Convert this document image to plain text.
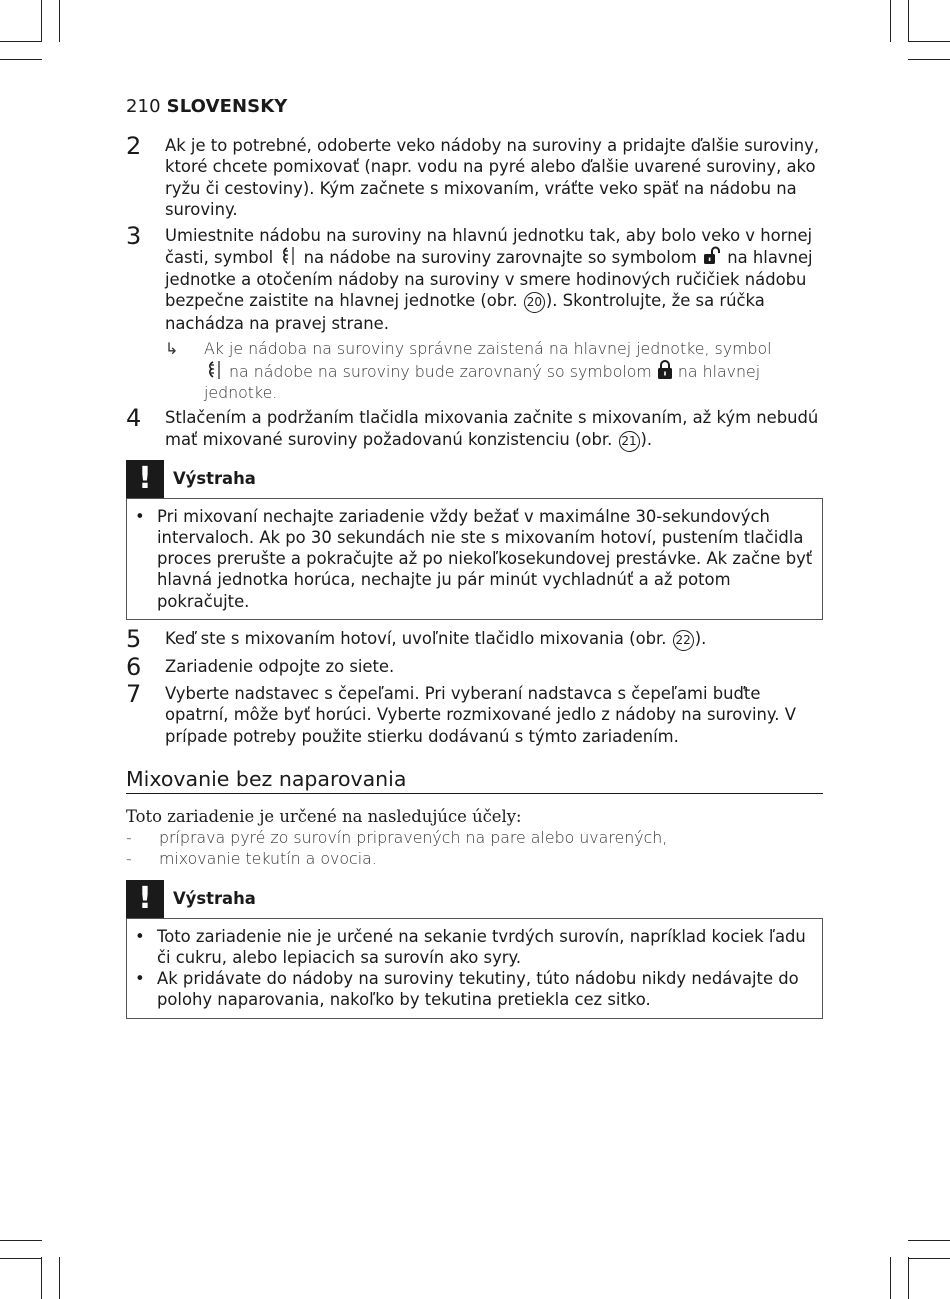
210 SLOVENSKY
2	Ak je to potrebné, odoberte veko nádoby na suroviny a pridajte ďalšie suroviny, ktoré chcete pomixovať (napr. vodu na pyré alebo ďalšie uvarené suroviny, ako ryžu či cestoviny). Kým začnete s mixovaním, vráťte veko späť na nádobu na suroviny.
3	Umiestnite nádobu na suroviny na hlavnú jednotku tak, aby bolo veko v hornej časti, symbol na nádobe na suroviny zarovnajte so symbolom na hlavnej jednotke a otočením nádoby na suroviny v smere hodinových ručičiek nádobu bezpečne zaistite na hlavnej jednotke (obr. 20 ). Skontrolujte, že sa rúčka nachádza na pravej strane.
↳	Ak je nádoba na suroviny správne zaistená na hlavnej jednotke, symbol
na nádobe na suroviny bude zarovnaný so symbolom na hlavnej jednotke.
4	Stlačením a podržaním tlačidla mixovania začnite s mixovaním, až kým nebudú mať mixované suroviny požadovanú konzistenciu (obr. 21 ).
!	Výstraha
• Pri mixovaní nechajte zariadenie vždy bežať v maximálne 30-sekundových intervaloch. Ak po 30 sekundách nie ste s mixovaním hotoví, pustením tlačidla proces prerušte a pokračujte až po niekoľkosekundovej prestávke. Ak začne byť hlavná jednotka horúca, nechajte ju pár minút vychladnúť a až potom pokračujte.
5	Keď ste s mixovaním hotoví, uvoľnite tlačidlo mixovania (obr. 22 ).
6	Zariadenie odpojte zo siete.
7	Vyberte nadstavec s čepeľami. Pri vyberaní nadstavca s čepeľami buďte opatrní, môže byť horúci. Vyberte rozmixované jedlo z nádoby na suroviny. V prípade potreby použite stierku dodávanú s týmto zariadením.
Mixovanie bez naparovania
Toto zariadenie je určené na nasledujúce účely:
-	príprava pyré zo surovín pripravených na pare alebo uvarených,
-	mixovanie tekutín a ovocia.
!	Výstraha
• Toto zariadenie nie je určené na sekanie tvrdých surovín, napríklad kociek ľadu či cukru, alebo lepiacich sa surovín ako syry.
• Ak pridávate do nádoby na suroviny tekutiny, túto nádobu nikdy nedávajte do polohy naparovania, nakoľko by tekutina pretiekla cez sitko.
